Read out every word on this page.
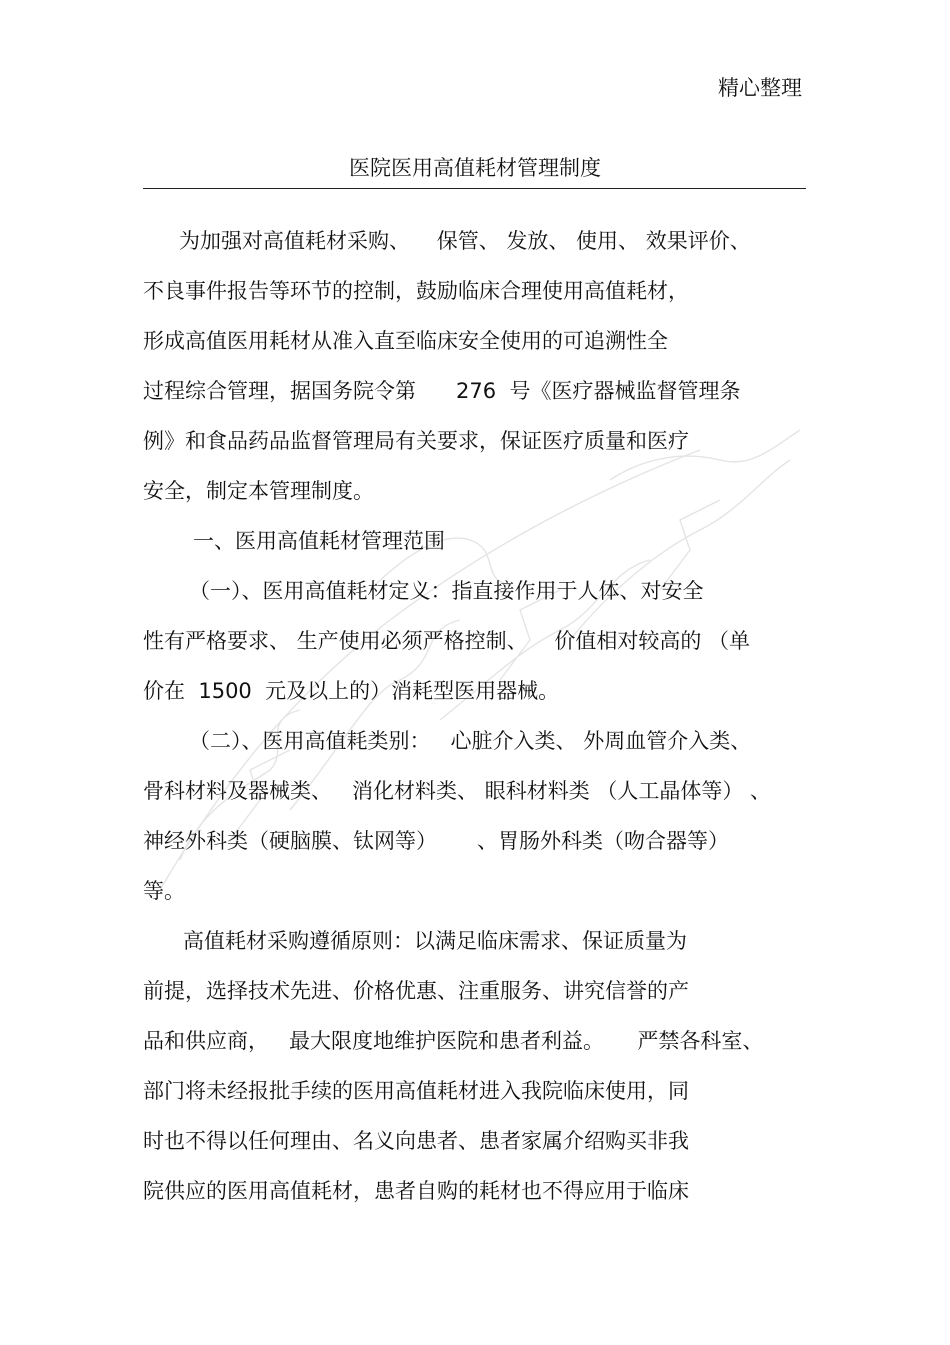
精心整理
医院医用高值耗材管理制度
为加强对高值耗材采购、    保管、 发放、 使用、 效果评价、
不良事件报告等环节的控制，鼓励临床合理使用高值耗材，
形成高值医用耗材从准入直至临床安全使用的可追溯性全
过程综合管理，据国务院令第      276  号《医疗器械监督管理条
例》和食品药品监督管理局有关要求，保证医疗质量和医疗
安全，制定本管理制度。
一、医用高值耗材管理范围
（一）、医用高值耗材定义：指直接作用于人体、对安全
性有严格要求、 生产使用必须严格控制、    价值相对较高的 （单
价在  1500  元及以上的）消耗型医用器械。
（二）、医用高值耗类别：   心脏介入类、 外周血管介入类、
骨科材料及器械类、   消化材料类、 眼科材料类 （人工晶体等） 、
神经外科类（硬脑膜、钛网等）      、胃肠外科类（吻合器等）
等。
高值耗材采购遵循原则：以满足临床需求、保证质量为
前提，选择技术先进、价格优惠、注重服务、讲究信誉的产
品和供应商，   最大限度地维护医院和患者利益。     严禁各科室、
部门将未经报批手续的医用高值耗材进入我院临床使用，同
时也不得以任何理由、名义向患者、患者家属介绍购买非我
院供应的医用高值耗材，患者自购的耗材也不得应用于临床
